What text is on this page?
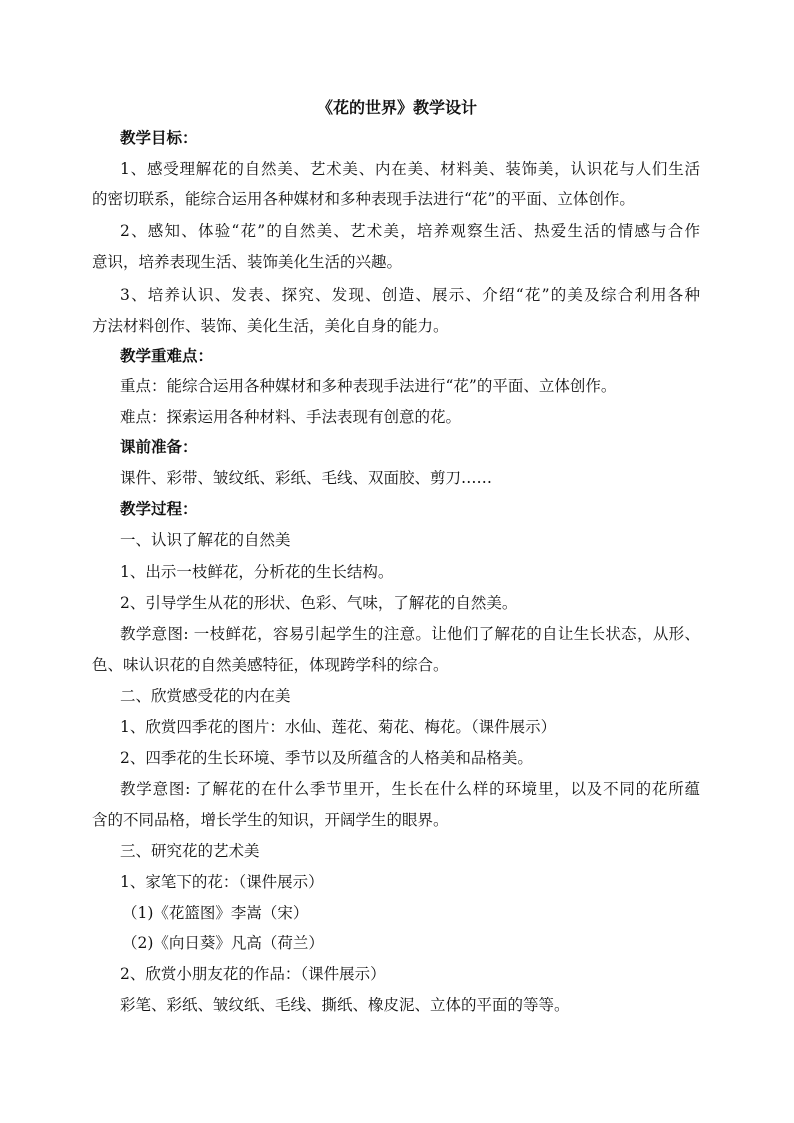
《花的世界》教学设计
教学目标：
1、感受理解花的自然美、艺术美、内在美、材料美、装饰美，认识花与人们生活
的密切联系，能综合运用各种媒材和多种表现手法进行“花”的平面、立体创作。
2、感知、体验“花”的自然美、艺术美，培养观察生活、热爱生活的情感与合作
意识，培养表现生活、装饰美化生活的兴趣。
3、培养认识、发表、探究、发现、创造、展示、介绍“花”的美及综合利用各种
方法材料创作、装饰、美化生活，美化自身的能力。
教学重难点：
重点：能综合运用各种媒材和多种表现手法进行“花”的平面、立体创作。
难点：探索运用各种材料、手法表现有创意的花。
课前准备：
课件、彩带、皱纹纸、彩纸、毛线、双面胶、剪刀……
教学过程：
一、认识了解花的自然美
1、出示一枝鲜花，分析花的生长结构。
2、引导学生从花的形状、色彩、气味，了解花的自然美。
教学意图: 一枝鲜花，容易引起学生的注意。让他们了解花的自让生长状态，从形、
色、味认识花的自然美感特征，体现跨学科的综合。
二、欣赏感受花的内在美
1、欣赏四季花的图片：水仙、莲花、菊花、梅花。（课件展示）
2、四季花的生长环境、季节以及所蕴含的人格美和品格美。
教学意图: 了解花的在什么季节里开，生长在什么样的环境里，以及不同的花所蕴
含的不同品格，增长学生的知识，开阔学生的眼界。
三、研究花的艺术美
1、家笔下的花：（课件展示）
（1)《花篮图》李嵩（宋）
（2)《向日葵》凡高（荷兰）
2、欣赏小朋友花的作品：（课件展示）
彩笔、彩纸、皱纹纸、毛线、撕纸、橡皮泥、立体的平面的等等。
